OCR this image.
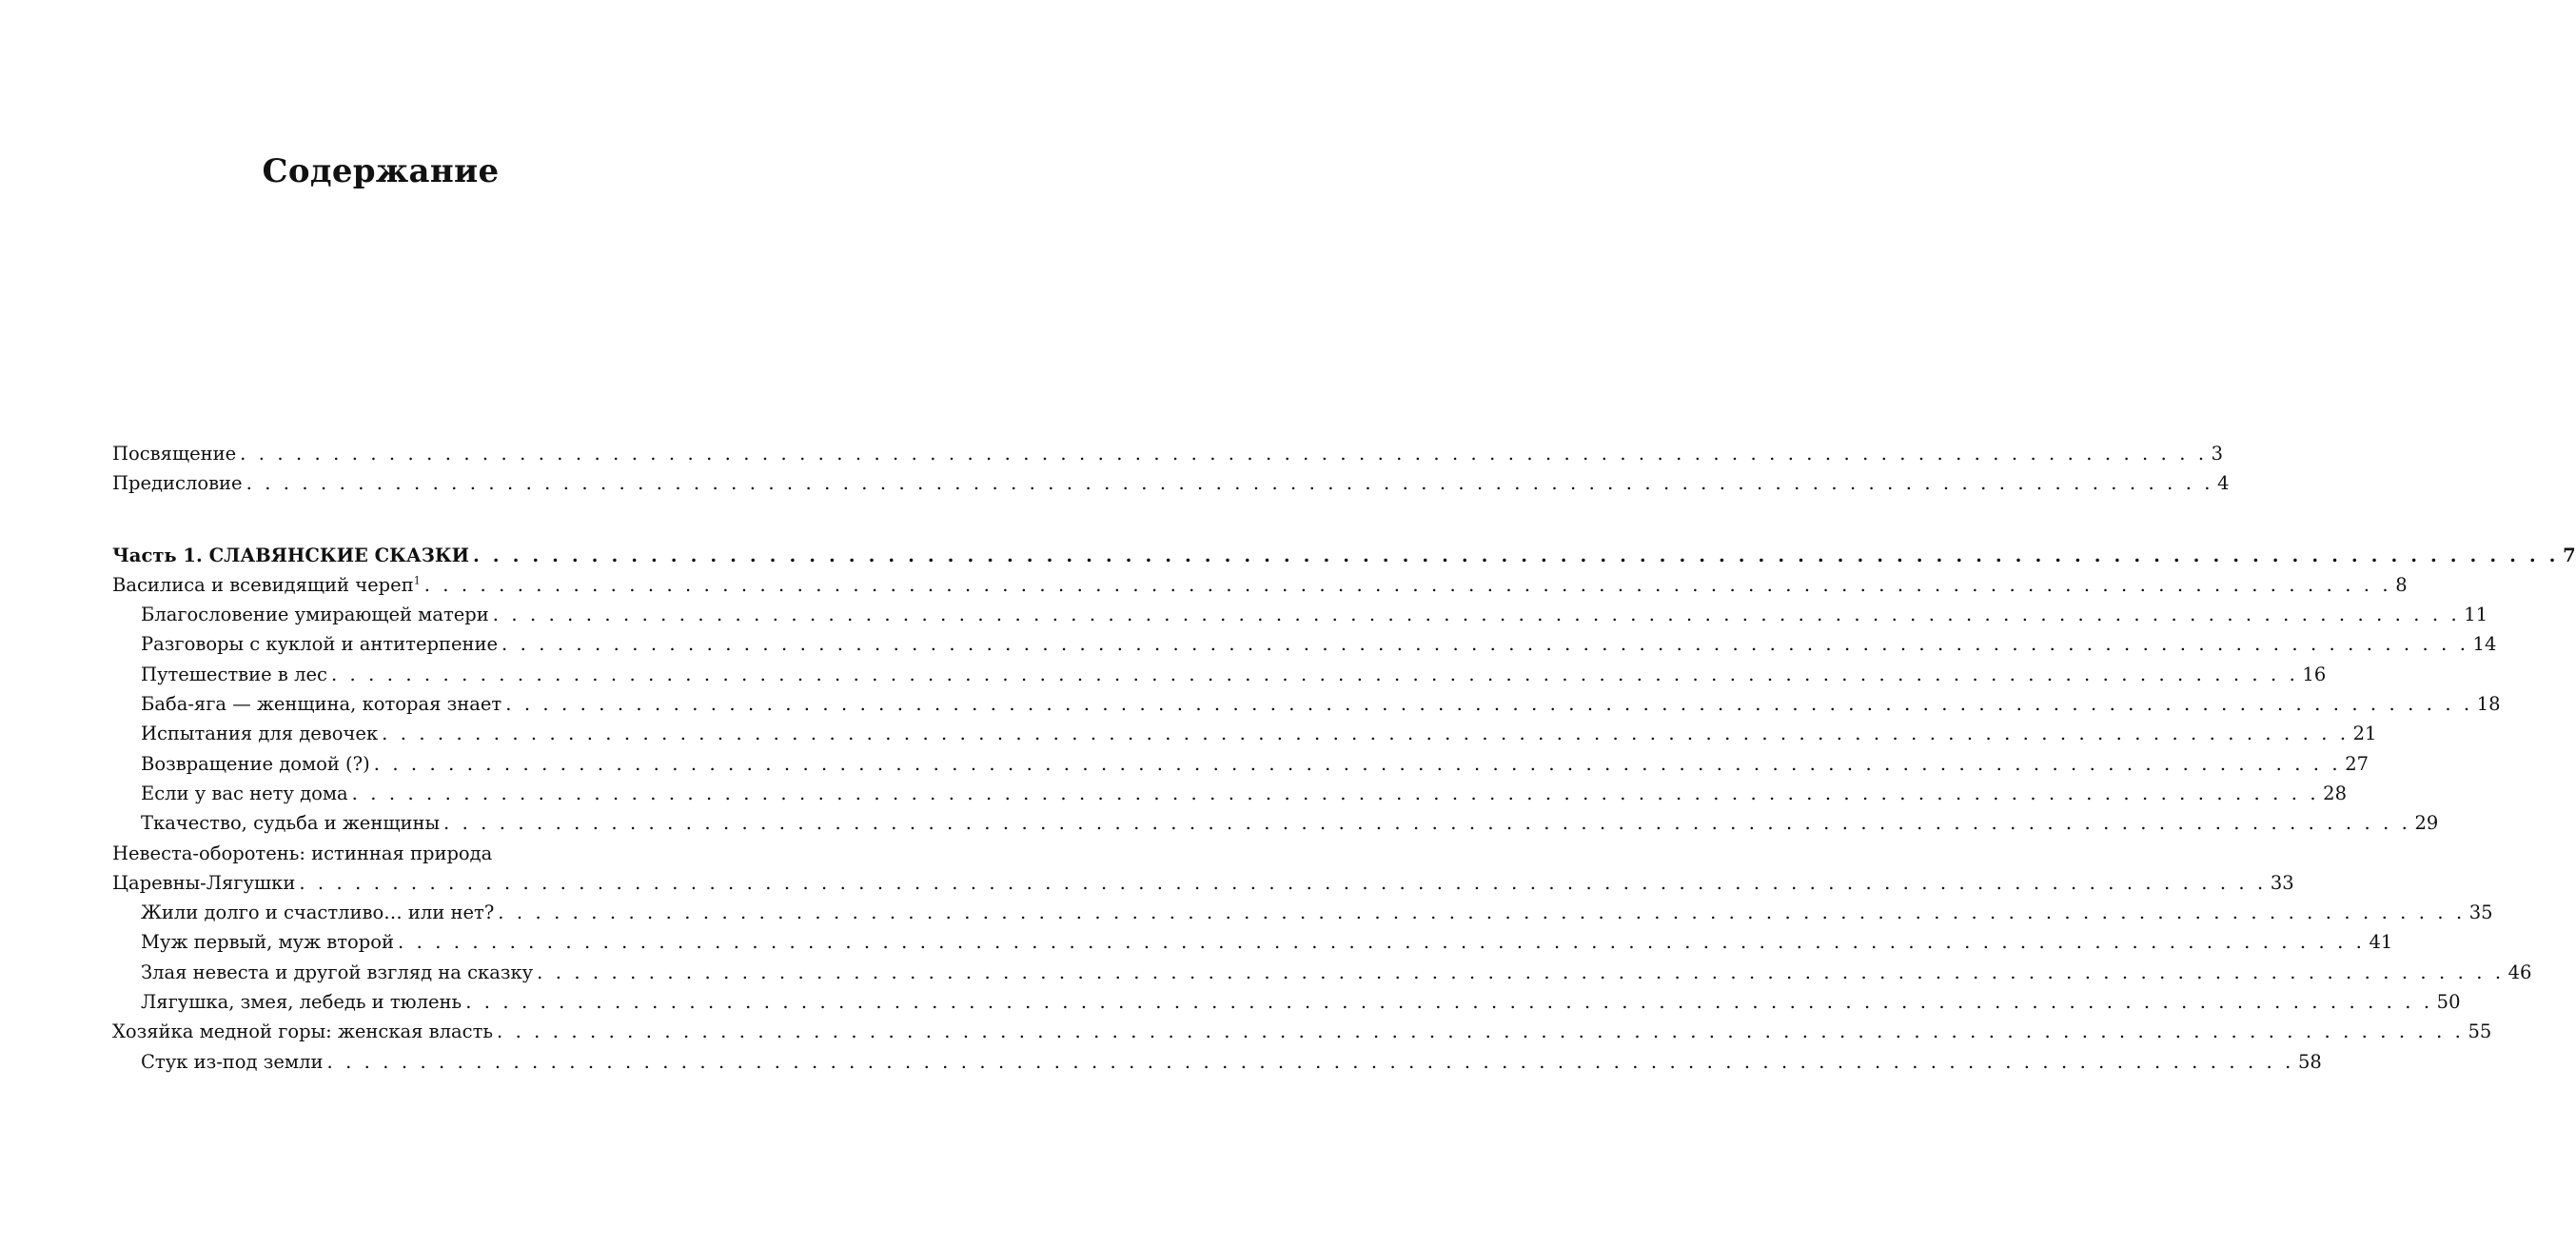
Содержание
Посвящение . . .	3
Предисловие . . .	4
Часть 1. СЛАВЯНСКИЕ СКАЗКИ . . .	7
Василиса и всевидящий череп$^1$ . . .	8
Благословение умирающей матери . . .	11
Разговоры с куклой и антитерпение . . .	14
Путешествие в лес . . .	16
Баба-яга — женщина, которая знает . . .	18
Испытания для девочек . . .	21
Возвращение домой (?) . . .	27
Если у вас нету дома . . .	28
Ткачество, судьба и женщины . . .	29
Невеста-оборотень: истинная природа
Царевны-Лягушки . . .	33
Жили долго и счастливо… или нет? . . .	35
Муж первый, муж второй . . .	41
Злая невеста и другой взгляд на сказку . . .	46
Лягушка, змея, лебедь и тюлень . . .	50
Хозяйка медной горы: женская власть . . .	55
Стук из-под земли . . .	58
